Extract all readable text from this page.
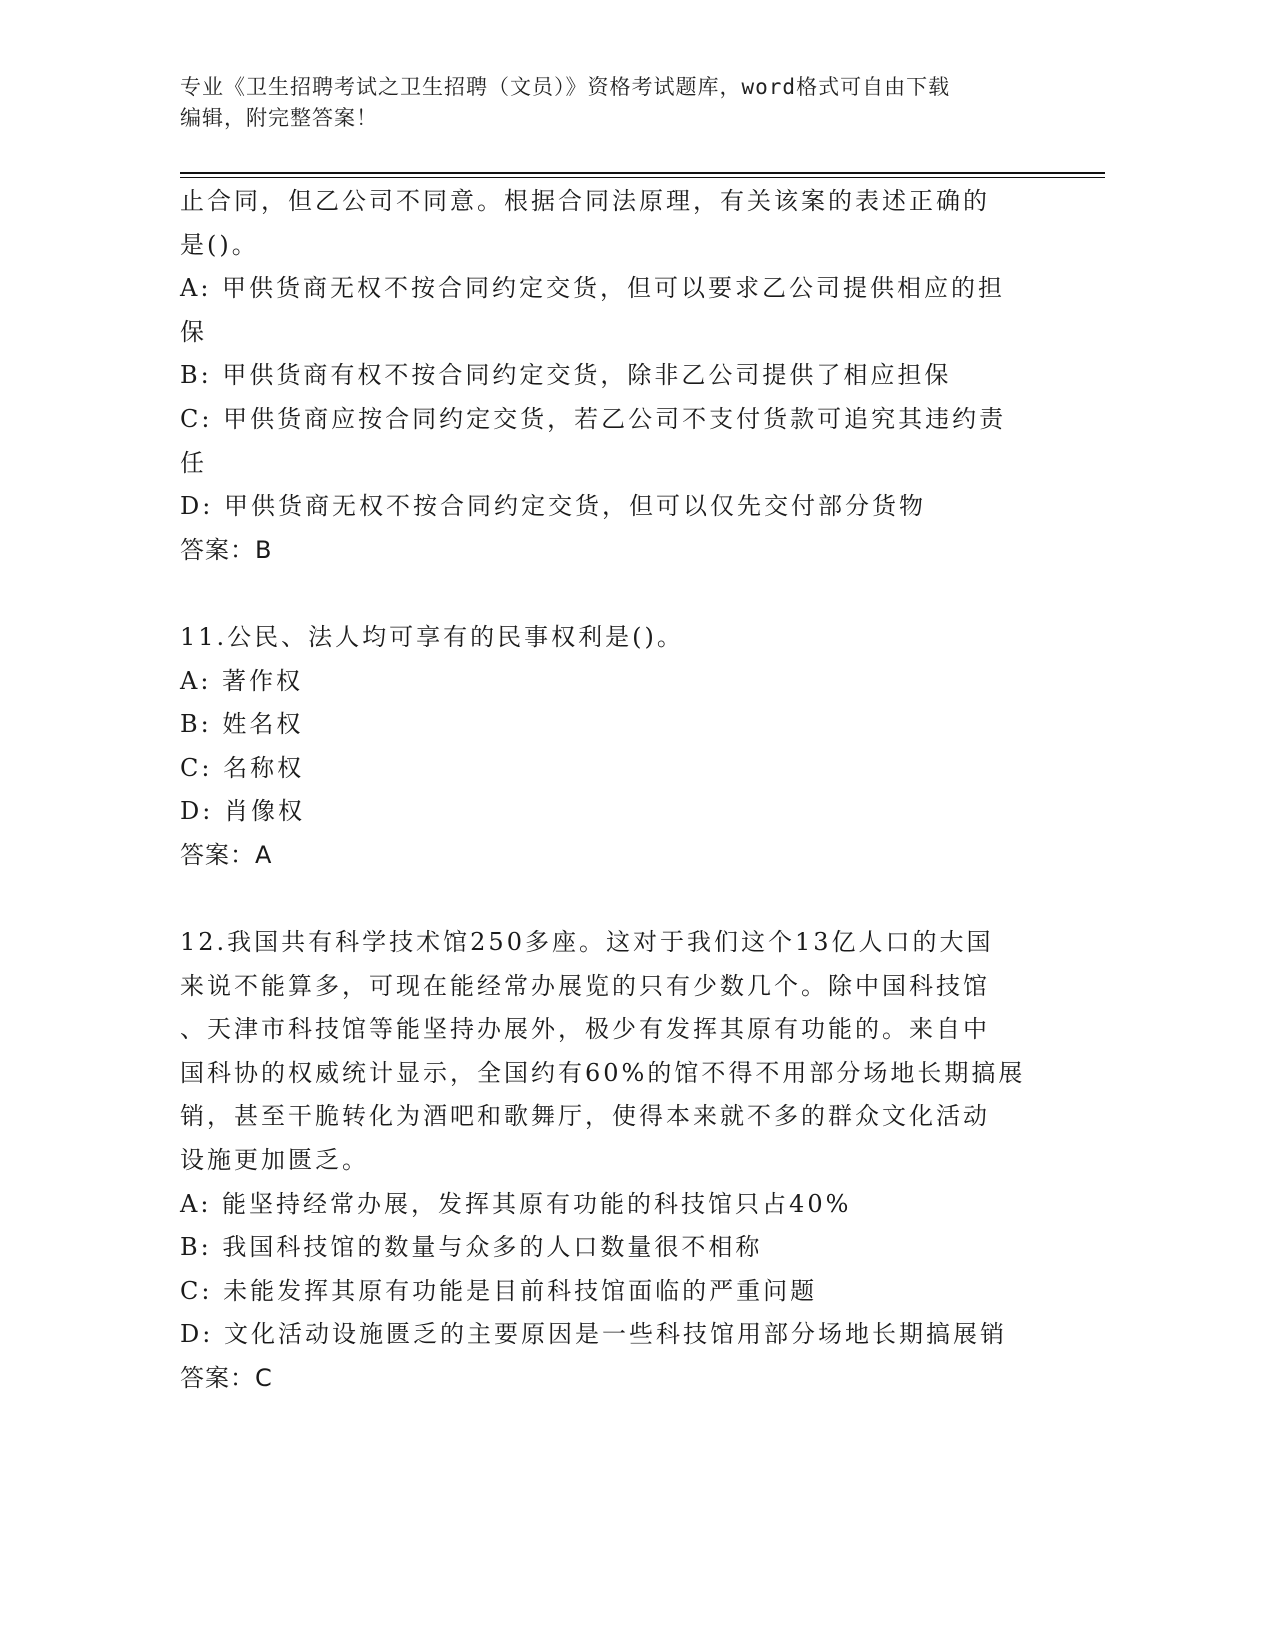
专业《卫生招聘考试之卫生招聘（文员）》资格考试题库，word格式可自由下载
编辑，附完整答案！
止合同，但乙公司不同意。根据合同法原理，有关该案的表述正确的
是()。
A: 甲供货商无权不按合同约定交货，但可以要求乙公司提供相应的担
保
B: 甲供货商有权不按合同约定交货，除非乙公司提供了相应担保
C: 甲供货商应按合同约定交货，若乙公司不支付货款可追究其违约责
任
D: 甲供货商无权不按合同约定交货，但可以仅先交付部分货物
答案：B
11.公民、法人均可享有的民事权利是()。
A: 著作权
B: 姓名权
C: 名称权
D: 肖像权
答案：A
12.我国共有科学技术馆250多座。这对于我们这个13亿人口的大国
来说不能算多，可现在能经常办展览的只有少数几个。除中国科技馆
、天津市科技馆等能坚持办展外，极少有发挥其原有功能的。来自中
国科协的权威统计显示，全国约有60%的馆不得不用部分场地长期搞展
销，甚至干脆转化为酒吧和歌舞厅，使得本来就不多的群众文化活动
设施更加匮乏。
A: 能坚持经常办展，发挥其原有功能的科技馆只占40%
B: 我国科技馆的数量与众多的人口数量很不相称
C: 未能发挥其原有功能是目前科技馆面临的严重问题
D: 文化活动设施匮乏的主要原因是一些科技馆用部分场地长期搞展销
答案：C
